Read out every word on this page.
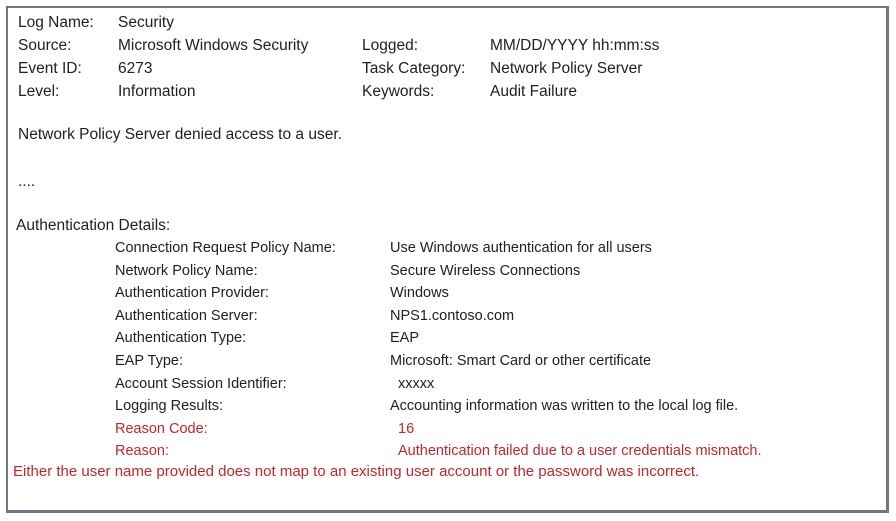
Log Name:	Security
Source:	Microsoft Windows Security	Logged:	MM/DD/YYYY hh:mm:ss
Event ID:	6273	Task Category:	Network Policy Server
Level:	Information	Keywords:	Audit Failure
Network Policy Server denied access to a user.
....
Authentication Details:
Connection Request Policy Name:	Use Windows authentication for all users
Network Policy Name:	Secure Wireless Connections
Authentication Provider:	Windows
Authentication Server:	NPS1.contoso.com
Authentication Type:	EAP
EAP Type:	Microsoft: Smart Card or other certificate
Account Session Identifier:	xxxxx
Logging Results:	Accounting information was written to the local log file.
Reason Code:	16
Reason:	Authentication failed due to a user credentials mismatch.
Either the user name provided does not map to an existing user account or the password was incorrect.
